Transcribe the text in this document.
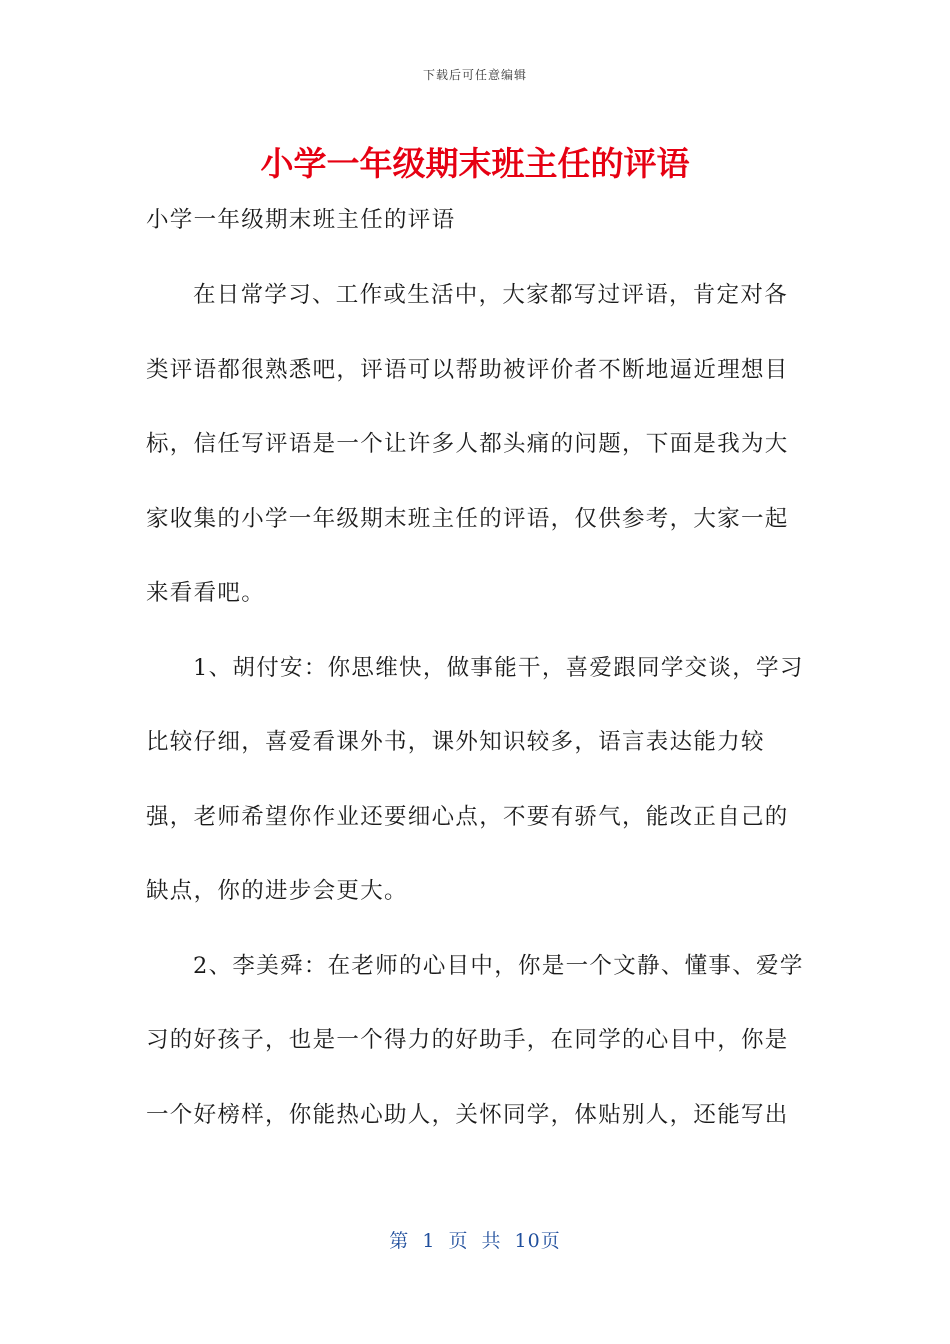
下载后可任意编辑
小学一年级期末班主任的评语
小学一年级期末班主任的评语

在日常学习、工作或生活中，大家都写过评语，肯定对各类评语都很熟悉吧，评语可以帮助被评价者不断地逼近理想目标，信任写评语是一个让许多人都头痛的问题，下面是我为大家收集的小学一年级期末班主任的评语，仅供参考，大家一起来看看吧。

1、胡付安：你思维快，做事能干，喜爱跟同学交谈，学习比较仔细，喜爱看课外书，课外知识较多，语言表达能力较强，老师希望你作业还要细心点，不要有骄气，能改正自己的缺点，你的进步会更大。

2、李美舜：在老师的心目中，你是一个文静、懂事、爱学习的好孩子，也是一个得力的好助手，在同学的心目中，你是一个好榜样，你能热心助人，关怀同学，体贴别人，还能写出

第 1 页 共 10页
